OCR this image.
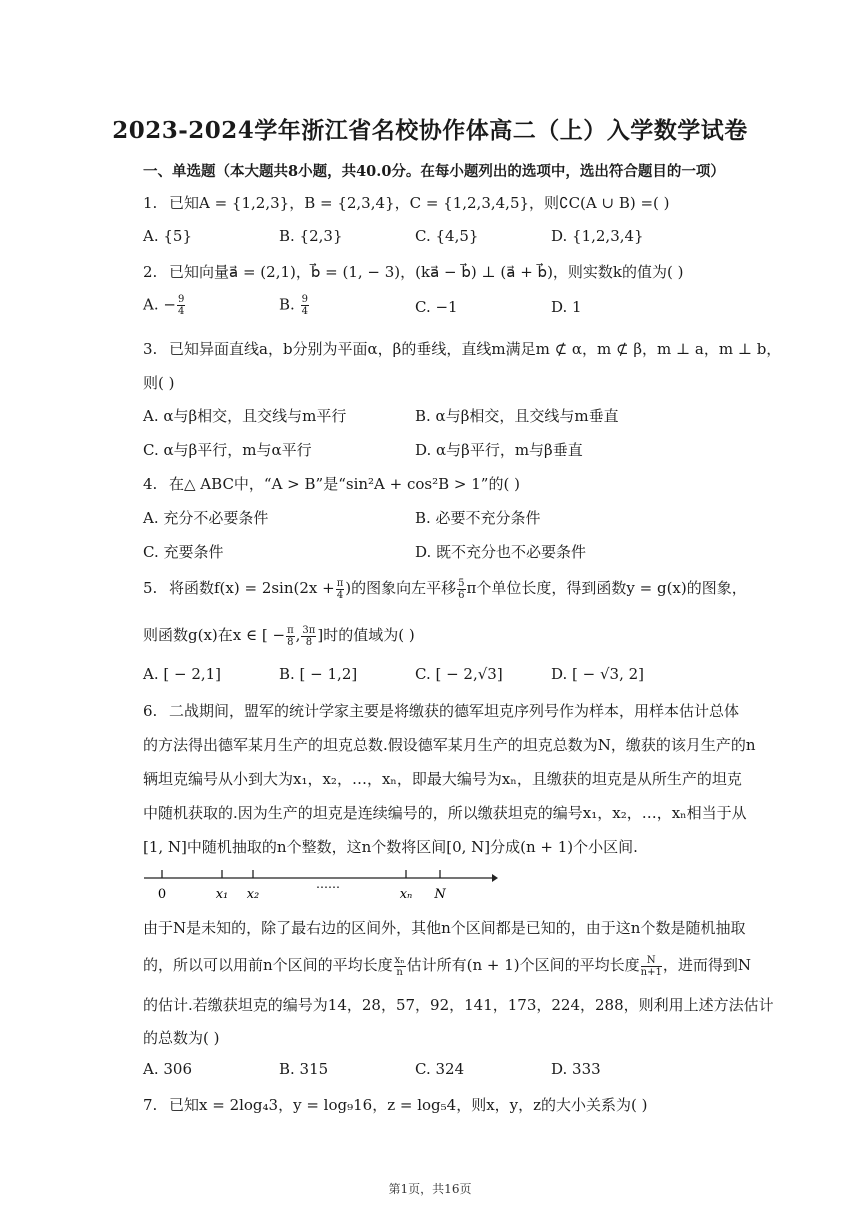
2023-2024学年浙江省名校协作体高二（上）入学数学试卷
一、单选题（本大题共8小题，共40.0分。在每小题列出的选项中，选出符合题目的一项）
1. 已知A = {1,2,3}，B = {2,3,4}，C = {1,2,3,4,5}，则∁C(A ∪ B) =( )
A. {5}	B. {2,3}	C. {4,5}	D. {1,2,3,4}
2. 已知向量a⃗ = (2,1)，b⃗ = (1, − 3)，(ka⃗ − b⃗) ⊥ (a⃗ + b⃗)，则实数k的值为( )
A. − $\frac{9}{4}$	B. $\frac{9}{4}$	C. −1	D. 1
3. 已知异面直线a，b分别为平面α，β的垂线，直线m满足m ⊄ α，m ⊄ β，m ⊥ a，m ⊥ b，
则( )
A. α与β相交，且交线与m平行	B. α与β相交，且交线与m垂直
C. α与β平行，m与α平行	D. α与β平行，m与β垂直
4. 在△ ABC中，“A > B”是“sin²A + cos²B > 1”的( )
A. 充分不必要条件	B. 必要不充分条件
C. 充要条件	D. 既不充分也不必要条件
5. 将函数$f(x) = 2\sin(2x + \frac{\pi}{4}$ )的图象向左平移 $\frac{5}{6}$ π个单位长度，得到函数y = g(x)的图象，
则函数g(x)在x ∈ [ − $\frac{\pi}{8}$ , $\frac{3\pi}{8}$ ]时的值域为( )
A. [ − 2,1]	B. [ − 1,2]	C. [ − 2,√3]	D. [ − √3, 2]
6. 二战期间，盟军的统计学家主要是将缴获的德军坦克序列号作为样本，用样本估计总体
的方法得出德军某月生产的坦克总数.假设德军某月生产的坦克总数为N，缴获的该月生产的n
辆坦克编号从小到大为x₁，x₂，…，xₙ，即最大编号为xₙ，且缴获的坦克是从所生产的坦克
中随机获取的.因为生产的坦克是连续编号的，所以缴获坦克的编号x₁，x₂，…，xₙ相当于从
[1, N]中随机抽取的n个整数，这n个数将区间[0, N]分成(n + 1)个小区间.
0	x₁ x₂
……
xₙ N
由于N是未知的，除了最右边的区间外，其他n个区间都是已知的，由于这n个数是随机抽取
的，所以可以用前n个区间的平均长度 $\frac{\text{xₙ}}{n}$ 估计所有(n + 1)个区间的平均长度 $\frac{N}{n+1}$ ，进而得到N
的估计.若缴获坦克的编号为14，28，57，92，141，173，224，288，则利用上述方法估计
的总数为( )
A. 306	B. 315	C. 324	D. 333
7. 已知x = 2log₄3，y = log₉16，z = log₅4，则x，y，z的大小关系为( )
第1页，共16页
